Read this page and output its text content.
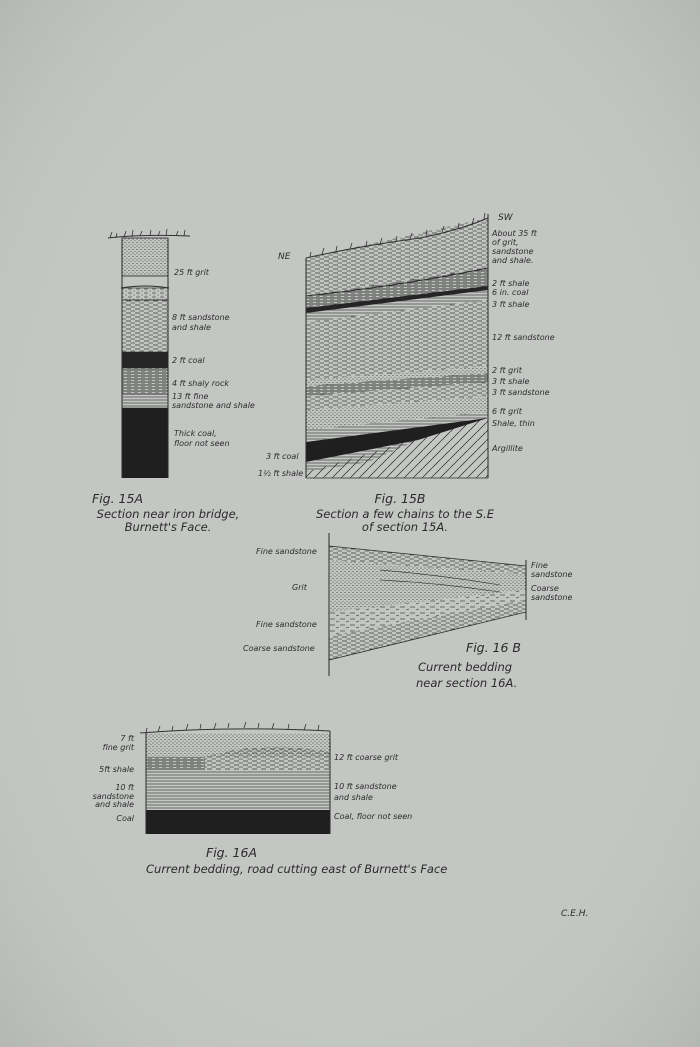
25 ft grit
8 ft sandstone
and shale
2 ft coal
4 ft shaly rock
13 ft fine
sandstone and shale
Thick coal,
floor not seen
NE
SW
About 35 ft
of grit,
sandstone
and shale.
2 ft shale
6 in. coal
3 ft shale
12 ft sandstone
2 ft grit
3 ft shale
3 ft sandstone
6 ft grit
Shale, thin
Argillite
3 ft coal
1½ ft shale
Fig. 15A
Section near iron bridge,
Burnett's Face.
Fig. 15B
Section a few chains to the S.E
of section 15A.
Fine sandstone
Grit
Fine sandstone
Coarse sandstone
Fine
sandstone
Coarse
sandstone
Fig. 16 B
Current bedding
near section 16A.
7 ft
fine grit
5ft shale
10 ft
sandstone
and shale
Coal
12 ft coarse grit
10 ft sandstone
and shale
Coal, floor not seen
Fig. 16A
Current bedding, road cutting east of Burnett's Face
C.E.H.
